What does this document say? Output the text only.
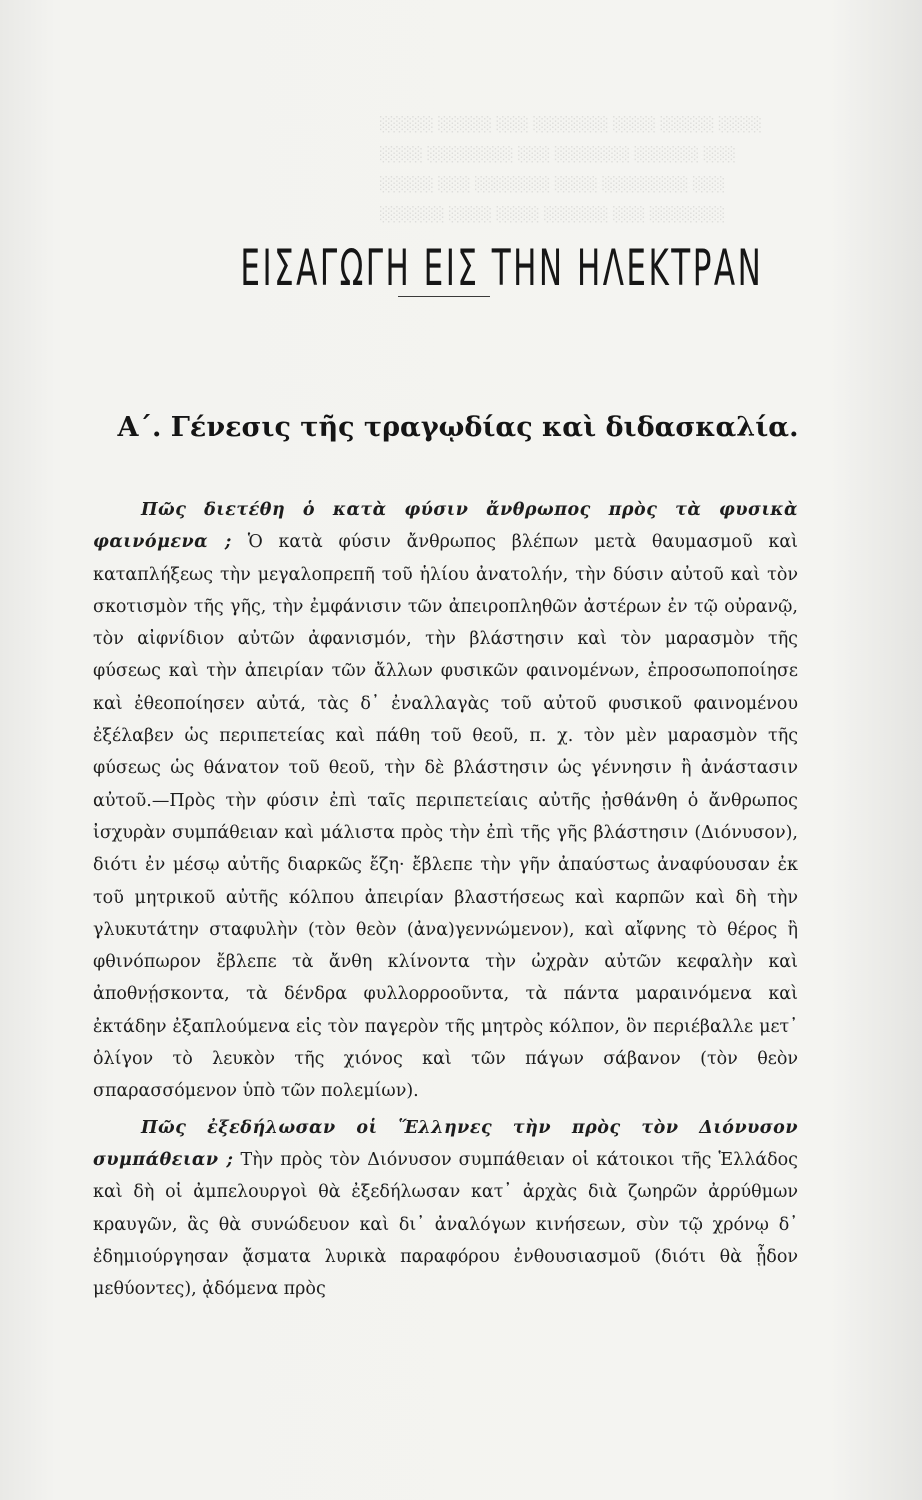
░░░░░ ░░░░░ ░░░ ░░░░░░░ ░░░░ ░░░░░ ░░░░
░░░░ ░░░░░░░░ ░░░ ░░░░░░░ ░░░░░░ ░░░
░░░░░ ░░░ ░░░░░░░ ░░░░ ░░░░░░░░ ░░░
░░░░░░ ░░░░ ░░░░ ░░░░░░ ░░░ ░░░░░░░
ΕΙΣΑΓΩΓΗ ΕΙΣ ΤΗΝ ΗΛΕΚΤΡΑΝ
Α΄. Γένεσις τῆς τραγῳδίας καὶ διδασκαλία.

Πῶς διετέθη ὁ κατὰ φύσιν ἄνθρωπος πρὸς τὰ φυσικὰ φαινόμενα ; Ὁ κατὰ φύσιν ἄνθρωπος βλέπων μετὰ θαυμασμοῦ καὶ καταπλήξεως τὴν μεγαλοπρεπῆ τοῦ ἡλίου ἀνατολήν, τὴν δύσιν αὐτοῦ καὶ τὸν σκοτισμὸν τῆς γῆς, τὴν ἐμφάνισιν τῶν ἀπειροπληθῶν ἀστέρων ἐν τῷ οὐρανῷ, τὸν αἰφνίδιον αὐτῶν ἀφανισμόν, τὴν βλάστησιν καὶ τὸν μαρασμὸν τῆς φύσεως καὶ τὴν ἀπειρίαν τῶν ἄλλων φυσικῶν φαινομένων, ἐπροσωποποίησε καὶ ἐθεοποίησεν αὐτά, τὰς δ᾽ ἐναλλαγὰς τοῦ αὐτοῦ φυσικοῦ φαινομένου ἐξέλαβεν ὡς περιπετείας καὶ πάθη τοῦ θεοῦ, π. χ. τὸν μὲν μαρασμὸν τῆς φύσεως ὡς θάνατον τοῦ θεοῦ, τὴν δὲ βλάστησιν ὡς γέννησιν ἢ ἀνάστασιν αὐτοῦ.—Πρὸς τὴν φύσιν ἐπὶ ταῖς περιπετείαις αὐτῆς ᾐσθάνθη ὁ ἄνθρωπος ἰσχυρὰν συμπάθειαν καὶ μάλιστα πρὸς τὴν ἐπὶ τῆς γῆς βλάστησιν (Διόνυσον), διότι ἐν μέσῳ αὐτῆς διαρκῶς ἔζη· ἔβλεπε τὴν γῆν ἀπαύστως ἀναφύουσαν ἐκ τοῦ μητρικοῦ αὐτῆς κόλπου ἀπειρίαν βλαστήσεως καὶ καρπῶν καὶ δὴ τὴν γλυκυτάτην σταφυλὴν (τὸν θεὸν (ἀνα)γεννώμενον), καὶ αἴφνης τὸ θέρος ἢ φθινόπωρον ἔβλεπε τὰ ἄνθη κλίνοντα τὴν ὠχρὰν αὐτῶν κεφαλὴν καὶ ἀποθνῄσκοντα, τὰ δένδρα φυλλορροοῦντα, τὰ πάντα μαραινόμενα καὶ ἐκτάδην ἐξαπλούμενα εἰς τὸν παγερὸν τῆς μητρὸς κόλπον, ὃν περιέβαλλε μετ᾽ ὀλίγον τὸ λευκὸν τῆς χιόνος καὶ τῶν πάγων σάβανον (τὸν θεὸν σπαρασσόμενον ὑπὸ τῶν πολεμίων).

Πῶς ἐξεδήλωσαν οἱ Ἕλληνες τὴν πρὸς τὸν Διόνυσον συμπάθειαν ; Τὴν πρὸς τὸν Διόνυσον συμπάθειαν οἱ κάτοικοι τῆς Ἑλλάδος καὶ δὴ οἱ ἀμπελουργοὶ θὰ ἐξεδήλωσαν κατ᾽ ἀρχὰς διὰ ζωηρῶν ἀρρύθμων κραυγῶν, ἃς θὰ συνώδευον καὶ δι᾽ ἀναλόγων κινήσεων, σὺν τῷ χρόνῳ δ᾽ ἐδημιούργησαν ᾄσματα λυρικὰ παραφόρου ἐνθουσιασμοῦ (διότι θὰ ᾖδον μεθύοντες), ᾀδόμενα πρὸς
